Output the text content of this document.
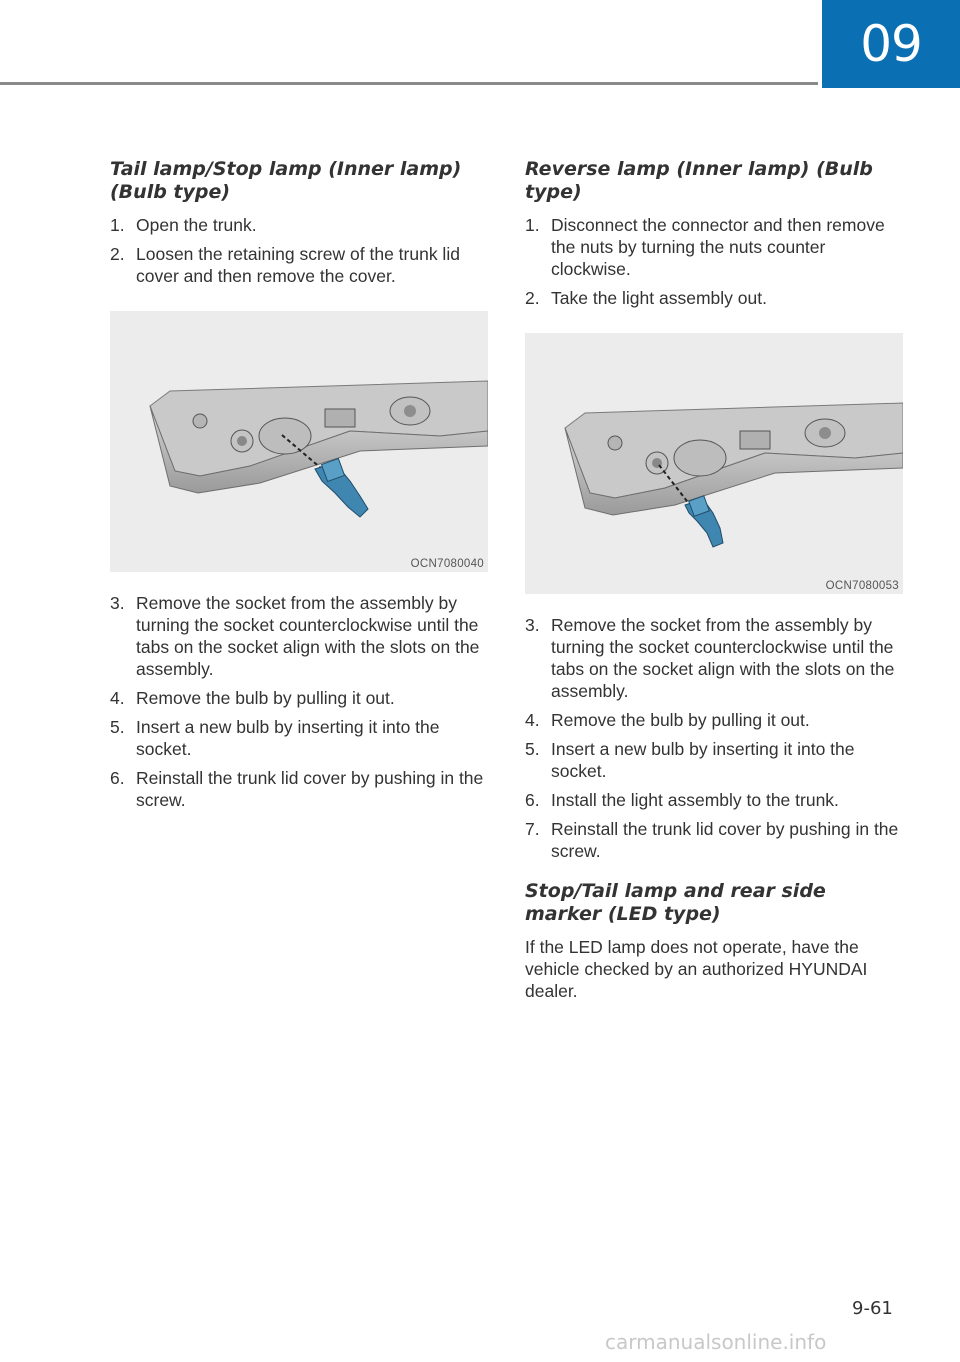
09
Tail lamp/Stop lamp (Inner lamp) (Bulb type)
1. Open the trunk.
2. Loosen the retaining screw of the trunk lid cover and then remove the cover.
OCN7080040
3. Remove the socket from the assembly by turning the socket counterclockwise until the tabs on the socket align with the slots on the assembly.
4. Remove the bulb by pulling it out.
5. Insert a new bulb by inserting it into the socket.
6. Reinstall the trunk lid cover by pushing in the screw.
Reverse lamp (Inner lamp) (Bulb type)
1. Disconnect the connector and then remove the nuts by turning the nuts counter clockwise.
2. Take the light assembly out.
OCN7080053
3. Remove the socket from the assembly by turning the socket counterclockwise until the tabs on the socket align with the slots on the assembly.
4. Remove the bulb by pulling it out.
5. Insert a new bulb by inserting it into the socket.
6. Install the light assembly to the trunk.
7. Reinstall the trunk lid cover by pushing in the screw.
Stop/Tail lamp and rear side marker (LED type)

If the LED lamp does not operate, have the vehicle checked by an authorized HYUNDAI dealer.

9-61
carmanualsonline.info
